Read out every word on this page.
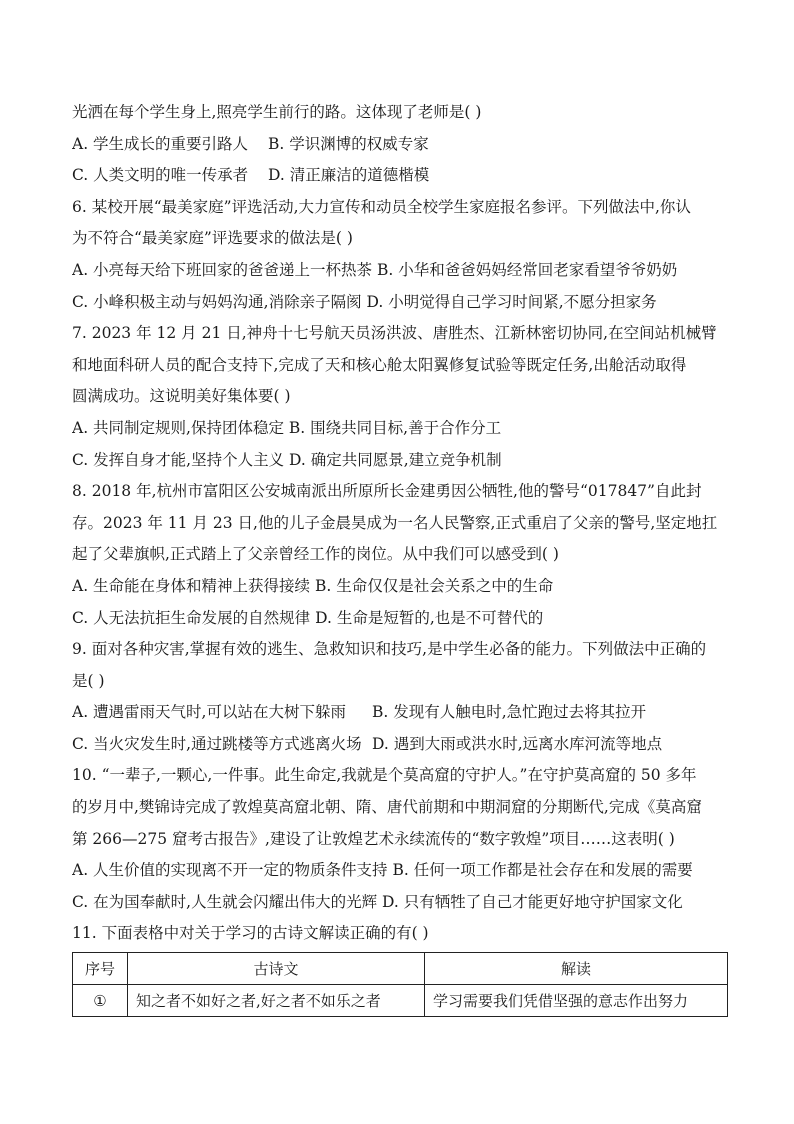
光洒在每个学生身上,照亮学生前行的路。这体现了老师是( )
A. 学生成长的重要引路人	B. 学识渊博的权威专家
C. 人类文明的唯一传承者	D. 清正廉洁的道德楷模
6. 某校开展“最美家庭”评选活动,大力宣传和动员全校学生家庭报名参评。下列做法中,你认
为不符合“最美家庭”评选要求的做法是( )
A. 小亮每天给下班回家的爸爸递上一杯热茶 B. 小华和爸爸妈妈经常回老家看望爷爷奶奶
C. 小峰积极主动与妈妈沟通,消除亲子隔阂 D. 小明觉得自己学习时间紧,不愿分担家务
7. 2023 年 12 月 21 日,神舟十七号航天员汤洪波、唐胜杰、江新林密切协同,在空间站机械臂
和地面科研人员的配合支持下,完成了天和核心舱太阳翼修复试验等既定任务,出舱活动取得
圆满成功。这说明美好集体要( )
A. 共同制定规则,保持团体稳定 B. 围绕共同目标,善于合作分工
C. 发挥自身才能,坚持个人主义 D. 确定共同愿景,建立竞争机制
8. 2018 年,杭州市富阳区公安城南派出所原所长金建勇因公牺牲,他的警号“017847”自此封
存。2023 年 11 月 23 日,他的儿子金晨昊成为一名人民警察,正式重启了父亲的警号,坚定地扛
起了父辈旗帜,正式踏上了父亲曾经工作的岗位。从中我们可以感受到( )
A. 生命能在身体和精神上获得接续 B. 生命仅仅是社会关系之中的生命
C. 人无法抗拒生命发展的自然规律 D. 生命是短暂的,也是不可替代的
9. 面对各种灾害,掌握有效的逃生、急救知识和技巧,是中学生必备的能力。下列做法中正确的
是( )
A. 遭遇雷雨天气时,可以站在大树下躲雨	B. 发现有人触电时,急忙跑过去将其拉开
C. 当火灾发生时,通过跳楼等方式逃离火场 D. 遇到大雨或洪水时,远离水库河流等地点
10. “一辈子,一颗心,一件事。此生命定,我就是个莫高窟的守护人。”在守护莫高窟的 50 多年
的岁月中,樊锦诗完成了敦煌莫高窟北朝、隋、唐代前期和中期洞窟的分期断代,完成《莫高窟
第 266—275 窟考古报告》,建设了让敦煌艺术永续流传的“数字敦煌”项目……这表明( )
A. 人生价值的实现离不开一定的物质条件支持 B. 任何一项工作都是社会存在和发展的需要
C. 在为国奉献时,人生就会闪耀出伟大的光辉 D. 只有牺牲了自己才能更好地守护国家文化
11. 下面表格中对关于学习的古诗文解读正确的有( )
序号	古诗文	解读
①	知之者不如好之者,好之者不如乐之者	学习需要我们凭借坚强的意志作出努力
